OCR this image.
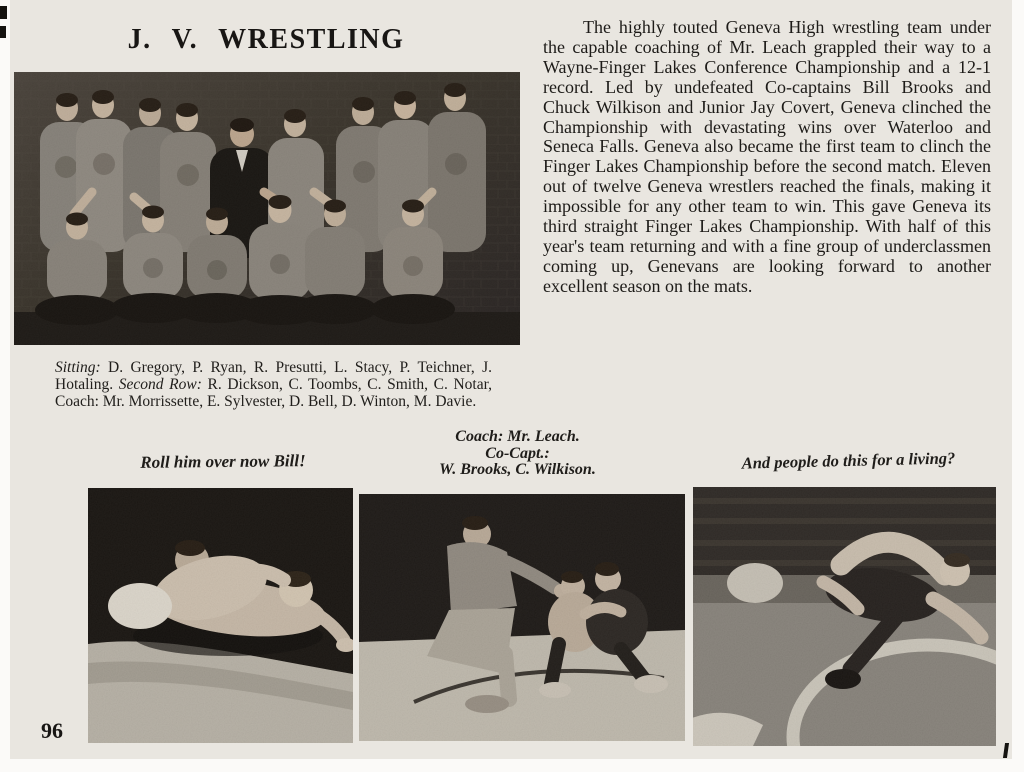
J. V. WRESTLING	The highly touted Geneva High wrestling team under the capable coaching of Mr. Leach grappled their way to a Wayne-Finger Lakes Conference Championship and a 12-1 record. Led by undefeated Co-captains Bill Brooks and Chuck Wilkison and Junior Jay Covert, Geneva clinched the Championship with devastating wins over Waterloo and Seneca Falls. Geneva also became the first team to clinch the Finger Lakes Championship before the second match. Eleven out of twelve Geneva wrestlers reached the finals, making it impossible for any other team to win. This gave Geneva its third straight Finger Lakes Championship. With half of this year's team returning and with a fine group of underclassmen coming up, Genevans are looking forward to another excellent season on the mats.

Sitting: D. Gregory, P. Ryan, R. Presutti, L. Stacy, P. Teichner, J. Hotaling. Second Row: R. Dickson, C. Toombs, C. Smith, C. Notar, Coach: Mr. Morrissette, E. Sylvester, D. Bell, D. Winton, M. Davie.

Roll him over now Bill!
Coach: Mr. Leach.
Co-Capt.:
W. Brooks, C. Wilkison.	And people do this for a living?
96
